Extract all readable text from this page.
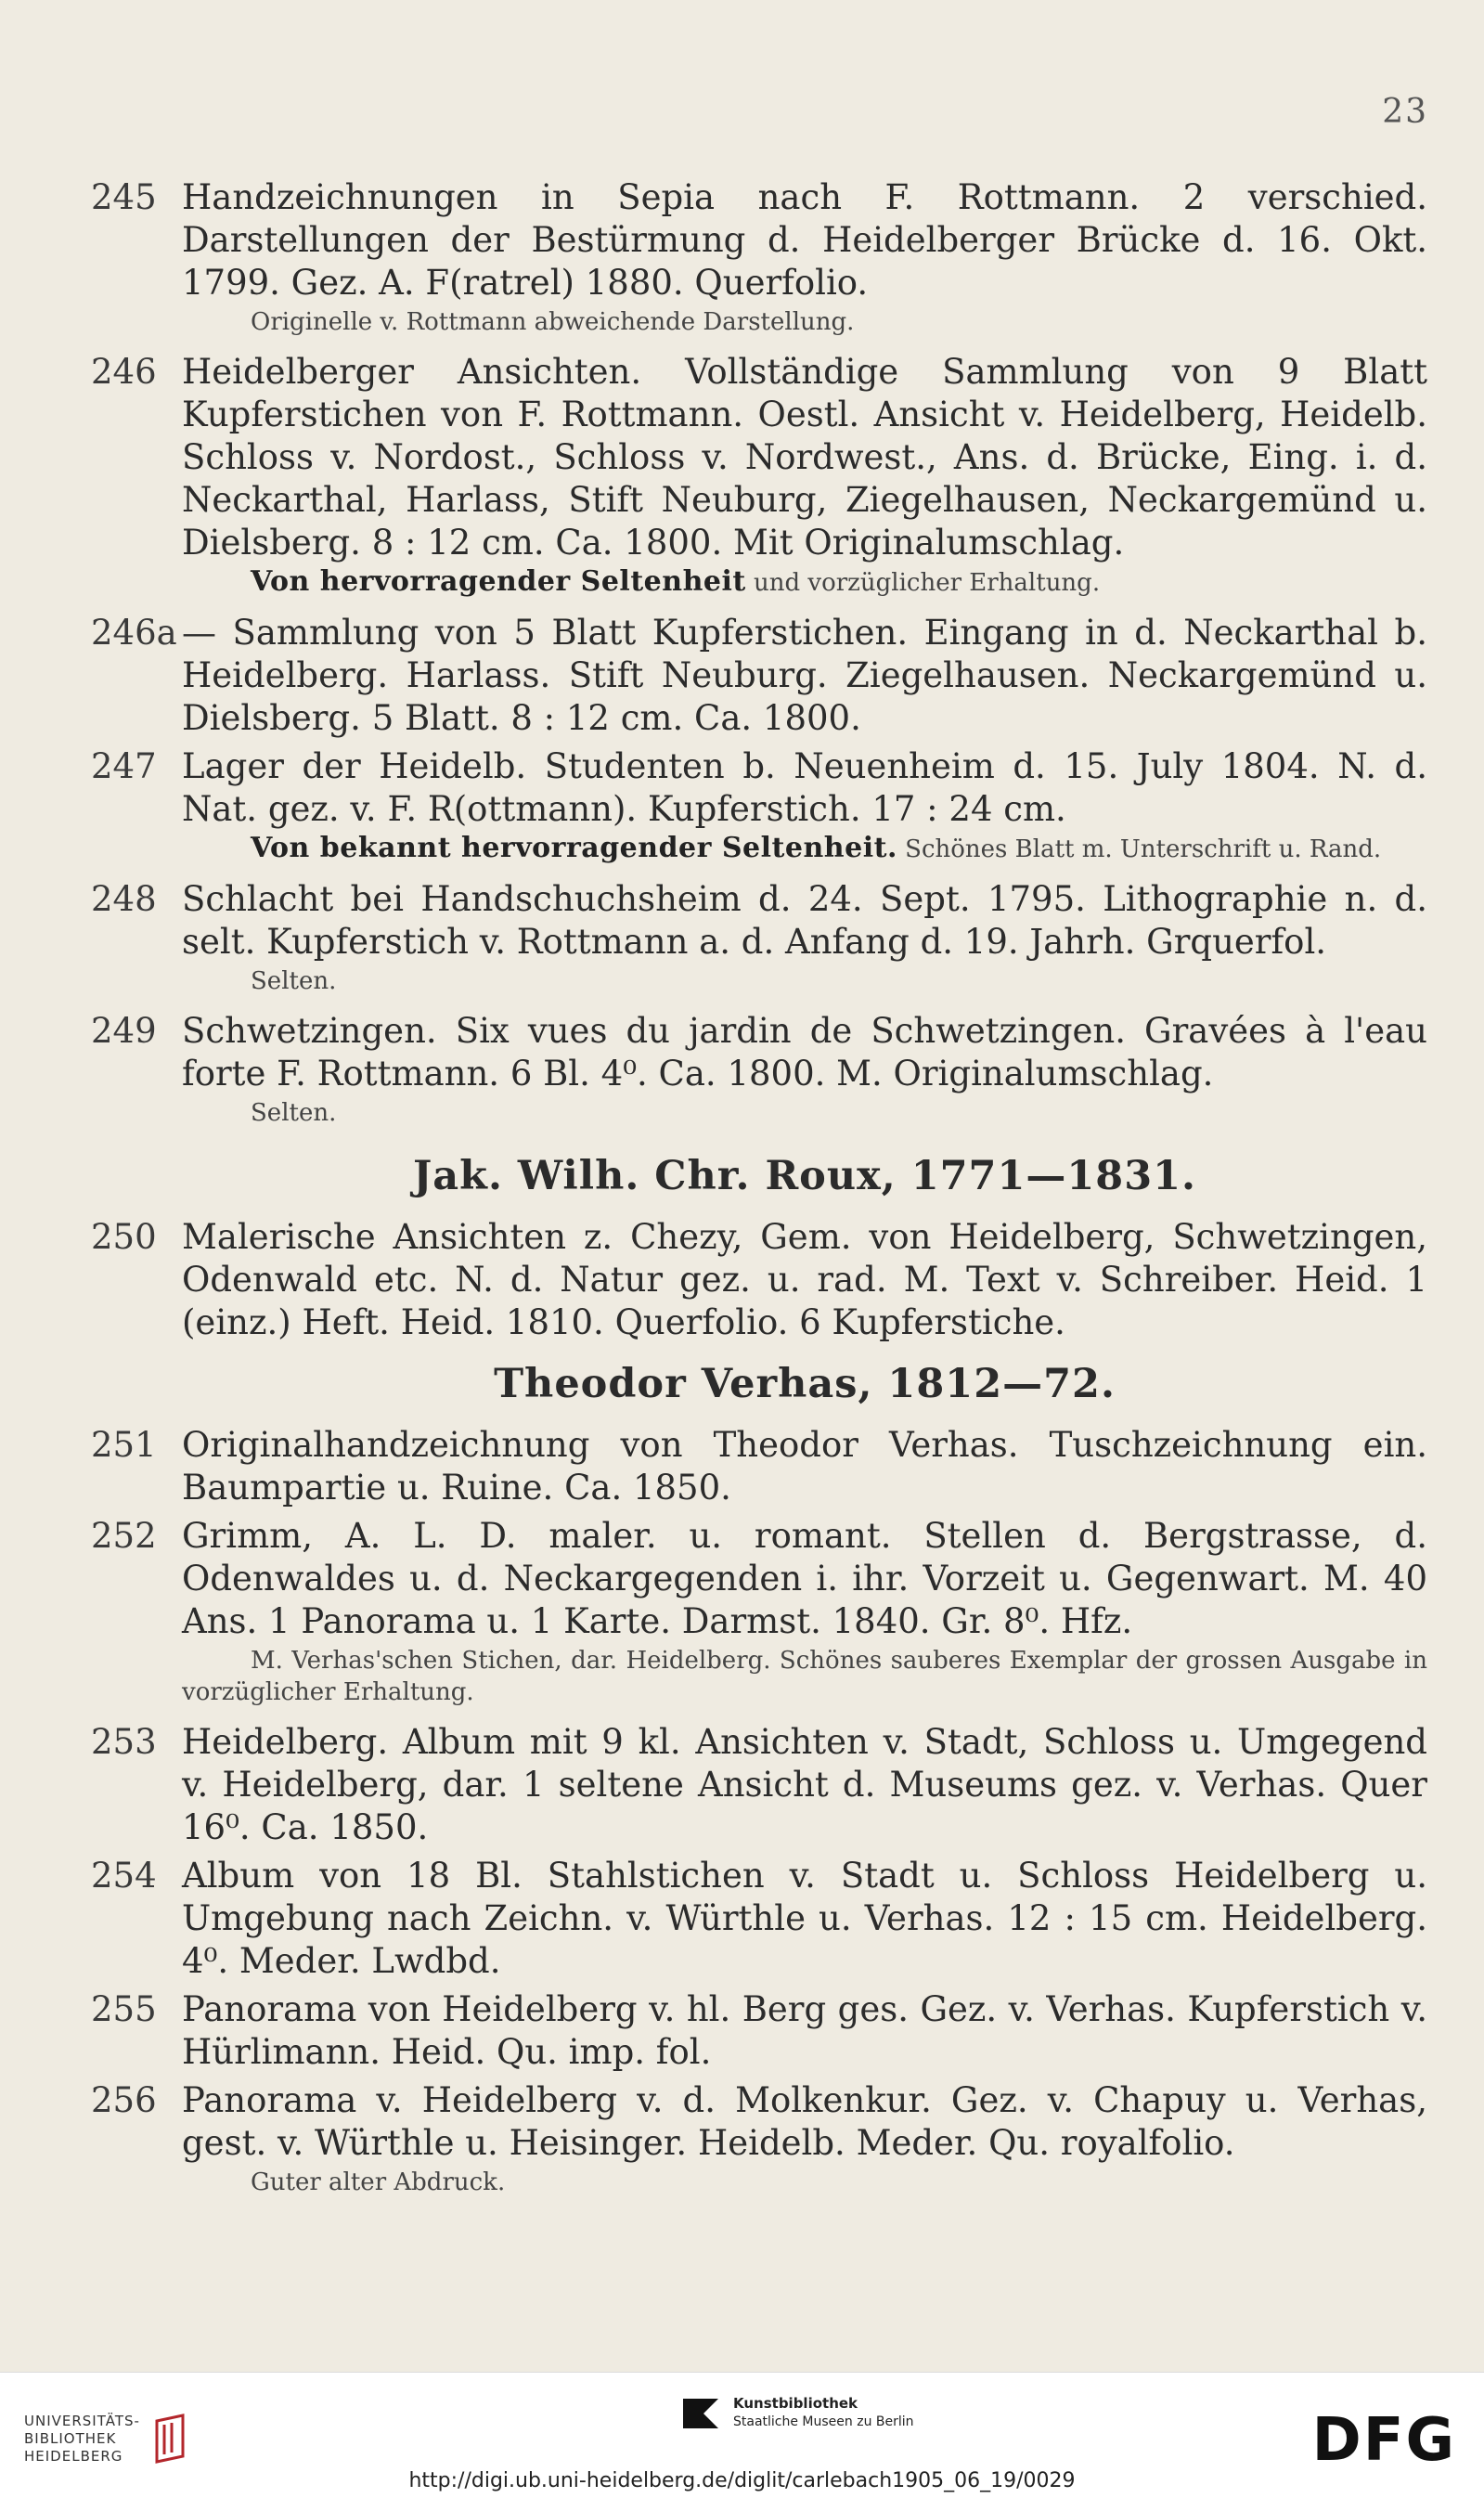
23
245 Handzeichnungen in Sepia nach F. Rottmann. 2 verschied. Darstellungen der Bestürmung d. Heidelberger Brücke d. 16. Okt. 1799. Gez. A. F(ratrel) 1880. Querfolio.

Originelle v. Rottmann abweichende Darstellung.
246 Heidelberger Ansichten. Vollständige Sammlung von 9 Blatt Kupferstichen von F. Rottmann. Oestl. Ansicht v. Heidelberg, Heidelb. Schloss v. Nordost., Schloss v. Nordwest., Ans. d. Brücke, Eing. i. d. Neckarthal, Harlass, Stift Neuburg, Ziegelhausen, Neckargemünd u. Dielsberg. 8 : 12 cm. Ca. 1800. Mit Originalumschlag.

Von hervorragender Seltenheit und vorzüglicher Erhaltung.
246a — Sammlung von 5 Blatt Kupferstichen. Eingang in d. Neckarthal b. Heidelberg. Harlass. Stift Neuburg. Ziegelhausen. Neckargemünd u. Dielsberg. 5 Blatt. 8 : 12 cm. Ca. 1800.

247 Lager der Heidelb. Studenten b. Neuenheim d. 15. July 1804. N. d. Nat. gez. v. F. R(ottmann). Kupferstich. 17 : 24 cm.

Von bekannt hervorragender Seltenheit. Schönes Blatt m. Unterschrift u. Rand.
248 Schlacht bei Handschuchsheim d. 24. Sept. 1795. Lithographie n. d. selt. Kupferstich v. Rottmann a. d. Anfang d. 19. Jahrh. Grquerfol.

Selten.
249 Schwetzingen. Six vues du jardin de Schwetzingen. Gravées à l'eau forte F. Rottmann. 6 Bl. 4⁰. Ca. 1800. M. Originalumschlag.

Selten.
Jak. Wilh. Chr. Roux, 1771—1831.
250 Malerische Ansichten z. Chezy, Gem. von Heidelberg, Schwetzingen, Odenwald etc. N. d. Natur gez. u. rad. M. Text v. Schreiber. Heid. 1 (einz.) Heft. Heid. 1810. Querfolio. 6 Kupferstiche.

Theodor Verhas, 1812—72.
251 Originalhandzeichnung von Theodor Verhas. Tuschzeichnung ein. Baumpartie u. Ruine. Ca. 1850.

252 Grimm, A. L. D. maler. u. romant. Stellen d. Bergstrasse, d. Odenwaldes u. d. Neckargegenden i. ihr. Vorzeit u. Gegenwart. M. 40 Ans. 1 Panorama u. 1 Karte. Darmst. 1840. Gr. 8⁰. Hfz.

M. Verhas'schen Stichen, dar. Heidelberg. Schönes sauberes Exemplar der grossen Ausgabe in vorzüglicher Erhaltung.
253 Heidelberg. Album mit 9 kl. Ansichten v. Stadt, Schloss u. Umgegend v. Heidelberg, dar. 1 seltene Ansicht d. Museums gez. v. Verhas. Quer 16⁰. Ca. 1850.

254 Album von 18 Bl. Stahlstichen v. Stadt u. Schloss Heidelberg u. Umgebung nach Zeichn. v. Würthle u. Verhas. 12 : 15 cm. Heidelberg. 4⁰. Meder. Lwdbd.

255 Panorama von Heidelberg v. hl. Berg ges. Gez. v. Verhas. Kupferstich v. Hürlimann. Heid. Qu. imp. fol.

256 Panorama v. Heidelberg v. d. Molkenkur. Gez. v. Chapuy u. Verhas, gest. v. Würthle u. Heisinger. Heidelb. Meder. Qu. royalfolio.

Guter alter Abdruck.
UNIVERSITÄTS-
BIBLIOTHEK
HEIDELBERG
Kunstbibliothek
Staatliche Museen zu Berlin	DFG
http://digi.ub.uni-heidelberg.de/diglit/carlebach1905_06_19/0029
